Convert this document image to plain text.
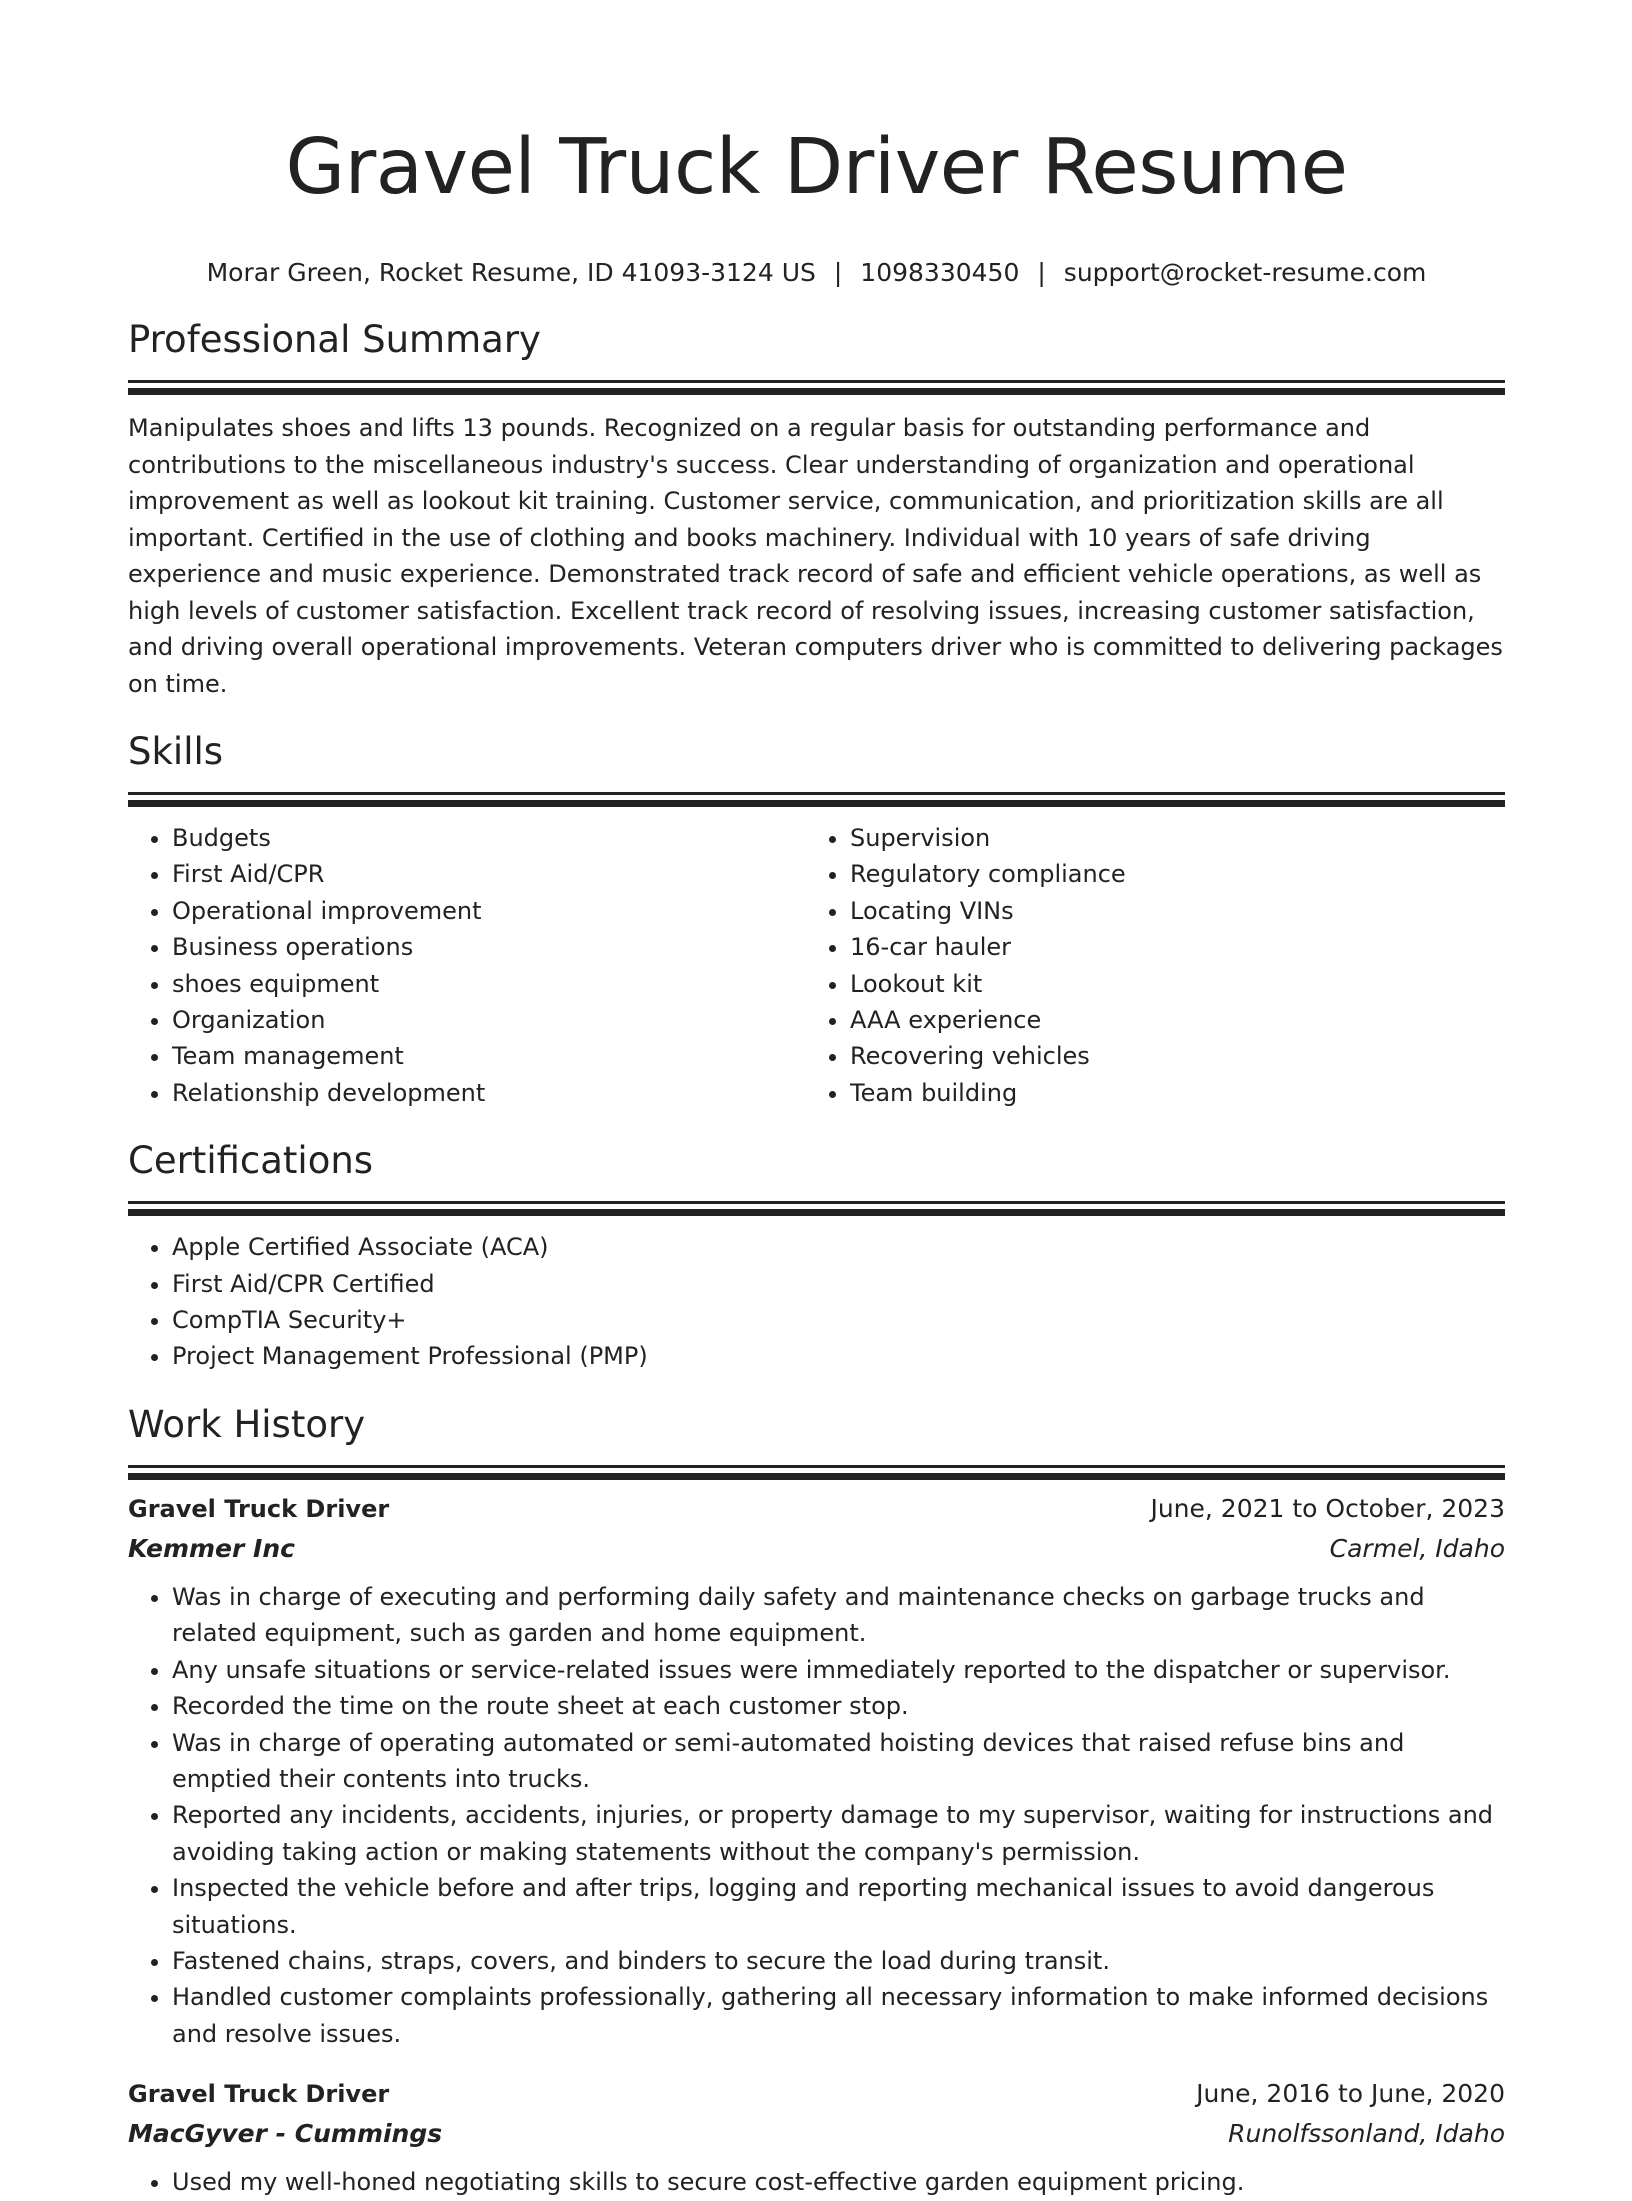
Gravel Truck Driver Resume
Morar Green, Rocket Resume, ID 41093-3124 US | 1098330450 | support@rocket-resume.com
Professional Summary

Manipulates shoes and lifts 13 pounds. Recognized on a regular basis for outstanding performance and contributions to the miscellaneous industry's success. Clear understanding of organization and operational improvement as well as lookout kit training. Customer service, communication, and prioritization skills are all important. Certified in the use of clothing and books machinery. Individual with 10 years of safe driving experience and music experience. Demonstrated track record of safe and efficient vehicle operations, as well as high levels of customer satisfaction. Excellent track record of resolving issues, increasing customer satisfaction, and driving overall operational improvements. Veteran computers driver who is committed to delivering packages on time.

Skills
• Budgets
• First Aid/CPR
• Operational improvement
• Business operations
• shoes equipment
• Organization
• Team management
• Relationship development
• Supervision
• Regulatory compliance
• Locating VINs
• 16-car hauler
• Lookout kit
• AAA experience
• Recovering vehicles
• Team building
Certifications
• Apple Certified Associate (ACA)
• First Aid/CPR Certified
• CompTIA Security+
• Project Management Professional (PMP)
Work History
Gravel Truck Driver	June, 2021 to October, 2023
Kemmer Inc	Carmel, Idaho
• Was in charge of executing and performing daily safety and maintenance checks on garbage trucks and related equipment, such as garden and home equipment.
• Any unsafe situations or service-related issues were immediately reported to the dispatcher or supervisor.
• Recorded the time on the route sheet at each customer stop.
• Was in charge of operating automated or semi-automated hoisting devices that raised refuse bins and emptied their contents into trucks.
• Reported any incidents, accidents, injuries, or property damage to my supervisor, waiting for instructions and avoiding taking action or making statements without the company's permission.
• Inspected the vehicle before and after trips, logging and reporting mechanical issues to avoid dangerous situations.
• Fastened chains, straps, covers, and binders to secure the load during transit.
• Handled customer complaints professionally, gathering all necessary information to make informed decisions and resolve issues.
Gravel Truck Driver	June, 2016 to June, 2020
MacGyver - Cummings	Runolfssonland, Idaho
• Used my well-honed negotiating skills to secure cost-effective garden equipment pricing.
